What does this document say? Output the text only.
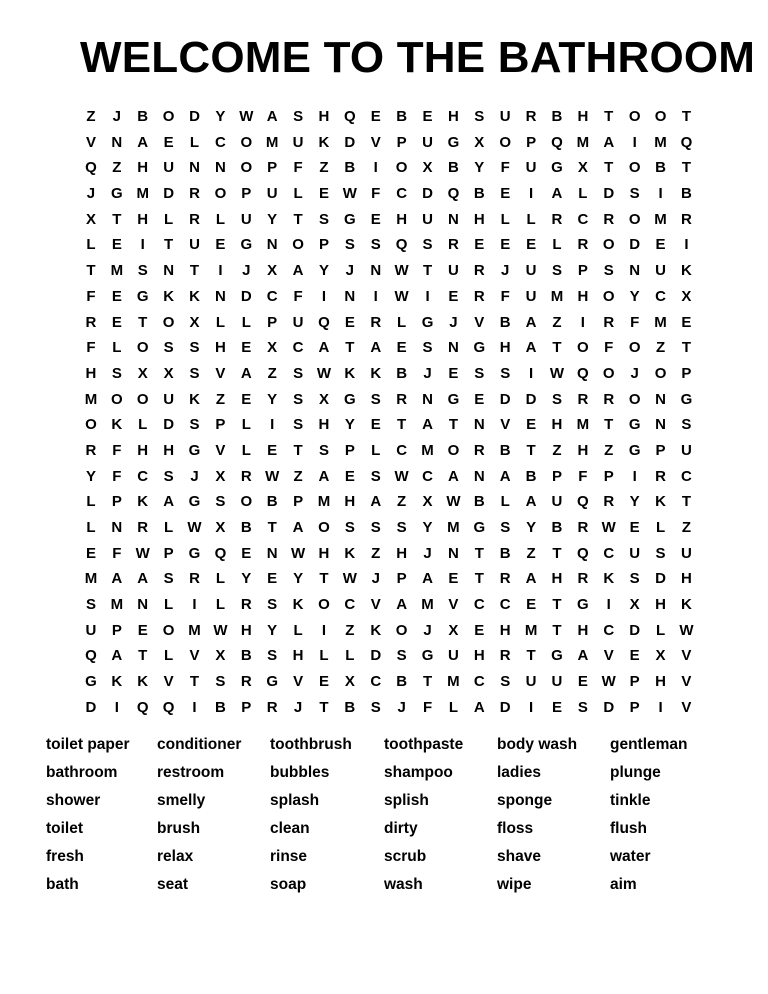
WELCOME TO THE BATHROOM
Z	J	B O D	Y W A	S	H Q	E	B	E	H	S	U	R	B	H	T	O O	T
V	N	A	E	L	C O M U	K	D	V	P	U G	X	O	P	Q M A	I	M Q
Q	Z	H	U	N	N O	P	F	Z	B	I	O	X	B	Y	F	U G	X	T	O B	T
J	G M D	R O	P	U	L	E W F	C	D Q B	E	I	A	L	D	S	I	B
X	T	H	L	R	L	U	Y	T	S	G	E	H	U	N	H	L	L	R	C	R O M R
L	E	I	T	U	E	G N O	P	S	S	Q	S	R	E	E	E	L	R O D	E	I
T	M S	N	T	I	J	X	A	Y	J	N W T	U	R	J	U	S	P	S	N	U	K
F	E	G K	K	N	D	C	F	I	N	I	W	I	E	R	F	U M H O	Y	C	X
R	E	T	O	X	L	L	P	U Q	E	R	L	G	J	V	B	A	Z	I	R	F	M E
F	L	O	S	S	H	E	X	C	A	T	A	E	S	N G H	A	T	O	F	O	Z	T
H	S	X	X	S	V	A	Z	S W K	K	B	J	E	S	S	I	W Q O	J	O	P
M O O U	K	Z	E	Y	S	X	G	S	R	N G	E	D	D	S	R	R O N G
O K	L	D	S	P	L	I	S	H	Y	E	T	A	T	N	V	E	H M	T	G N	S
R	F	H	H G	V	L	E	T	S	P	L	C M O R	B	T	Z	H	Z	G	P	U
Y	F	C	S	J	X	R W Z	A	E	S W C	A	N	A	B	P	F	P	I	R	C
L	P	K	A G	S	O B	P M H	A	Z	X W B	L	A	U Q R	Y	K	T
L	N	R	L W X	B	T	A O	S	S	S	Y M G	S	Y	B	R W E	L	Z
E	F W P	G Q	E	N W H	K	Z	H	J	N	T	B	Z	T	Q C	U	S	U
M A	A	S	R	L	Y	E	Y	T W J	P	A	E	T	R	A	H	R	K	S	D	H
S M N	L	I	L	R	S	K O C	V	A M V	C	C	E	T	G	I	X	H	K
U	P	E	O M W H	Y	L	I	Z	K O	J	X	E	H M	T	H	C	D	L W
Q A	T	L	V	X	B	S	H	L	L	D	S	G U	H	R	T	G A	V	E	X	V
G K	K	V	T	S	R G	V	E	X	C	B	T	M C	S	U	U	E W P	H	V
D	I	Q Q	I	B	P	R	J	T	B	S	J	F	L	A	D	I	E	S	D	P	I	V
toilet paper
bathroom
shower
toilet
fresh
bath
conditioner
restroom
smelly
brush
relax
seat
toothbrush
bubbles
splash
clean
rinse
soap
toothpaste
shampoo
splish
dirty
scrub
wash
body wash
ladies
sponge
floss
shave
wipe
gentleman
plunge
tinkle
flush
water
aim
